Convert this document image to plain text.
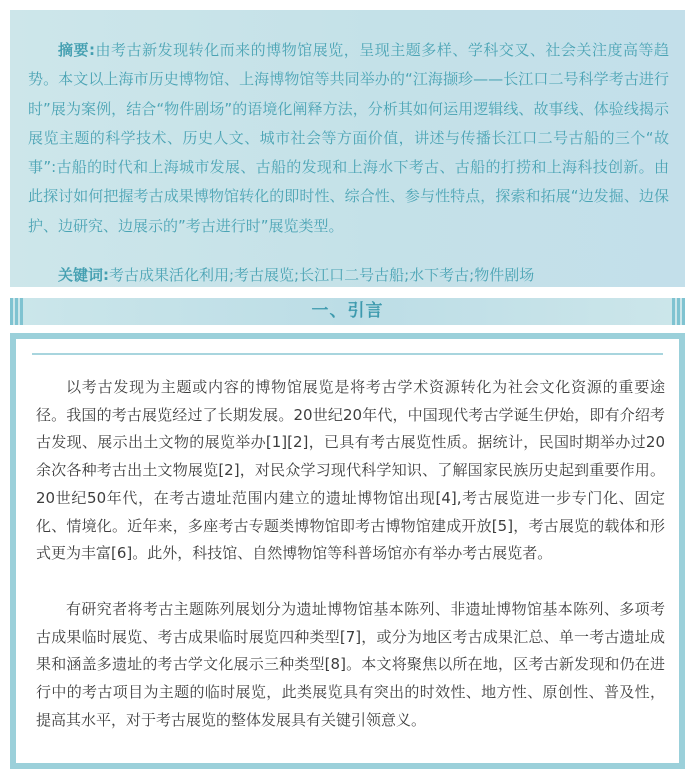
摘要:由考古新发现转化而来的博物馆展览，呈现主题多样、学科交叉、社会关注度高等趋势。本文以上海市历史博物馆、上海博物馆等共同举办的“江海撷珍——长江口二号科学考古进行时”展为案例，结合“物件剧场”的语境化阐释方法，分析其如何运用逻辑线、故事线、体验线揭示展览主题的科学技术、历史人文、城市社会等方面价值，讲述与传播长江口二号古船的三个“故事”:古船的时代和上海城市发展、古船的发现和上海水下考古、古船的打捞和上海科技创新。由此探讨如何把握考古成果博物馆转化的即时性、综合性、参与性特点，探索和拓展“边发掘、边保护、边研究、边展示的”考古进行时”展览类型。

关键词:考古成果活化利用;考古展览;长江口二号古船;水下考古;物件剧场

一、引言

以考古发现为主题或内容的博物馆展览是将考古学术资源转化为社会文化资源的重要途径。我国的考古展览经过了长期发展。20世纪20年代，中国现代考古学诞生伊始，即有介绍考古发现、展示出土文物的展览举办[1][2]，已具有考古展览性质。据统计，民国时期举办过20余次各种考古出土文物展览[2]，对民众学习现代科学知识、了解国家民族历史起到重要作用。20世纪50年代，在考古遗址范围内建立的遗址博物馆出现[4],考古展览进一步专门化、固定化、情境化。近年来，多座考古专题类博物馆即考古博物馆建成开放[5]，考古展览的载体和形式更为丰富[6]。此外，科技馆、自然博物馆等科普场馆亦有举办考古展览者。

有研究者将考古主题陈列展划分为遗址博物馆基本陈列、非遗址博物馆基本陈列、多项考古成果临时展览、考古成果临时展览四种类型[7]，或分为地区考古成果汇总、单一考古遗址成果和涵盖多遗址的考古学文化展示三种类型[8]。本文将聚焦以所在地，区考古新发现和仍在进行中的考古项目为主题的临时展览，此类展览具有突出的时效性、地方性、原创性、普及性，提高其水平，对于考古展览的整体发展具有关键引领意义。
